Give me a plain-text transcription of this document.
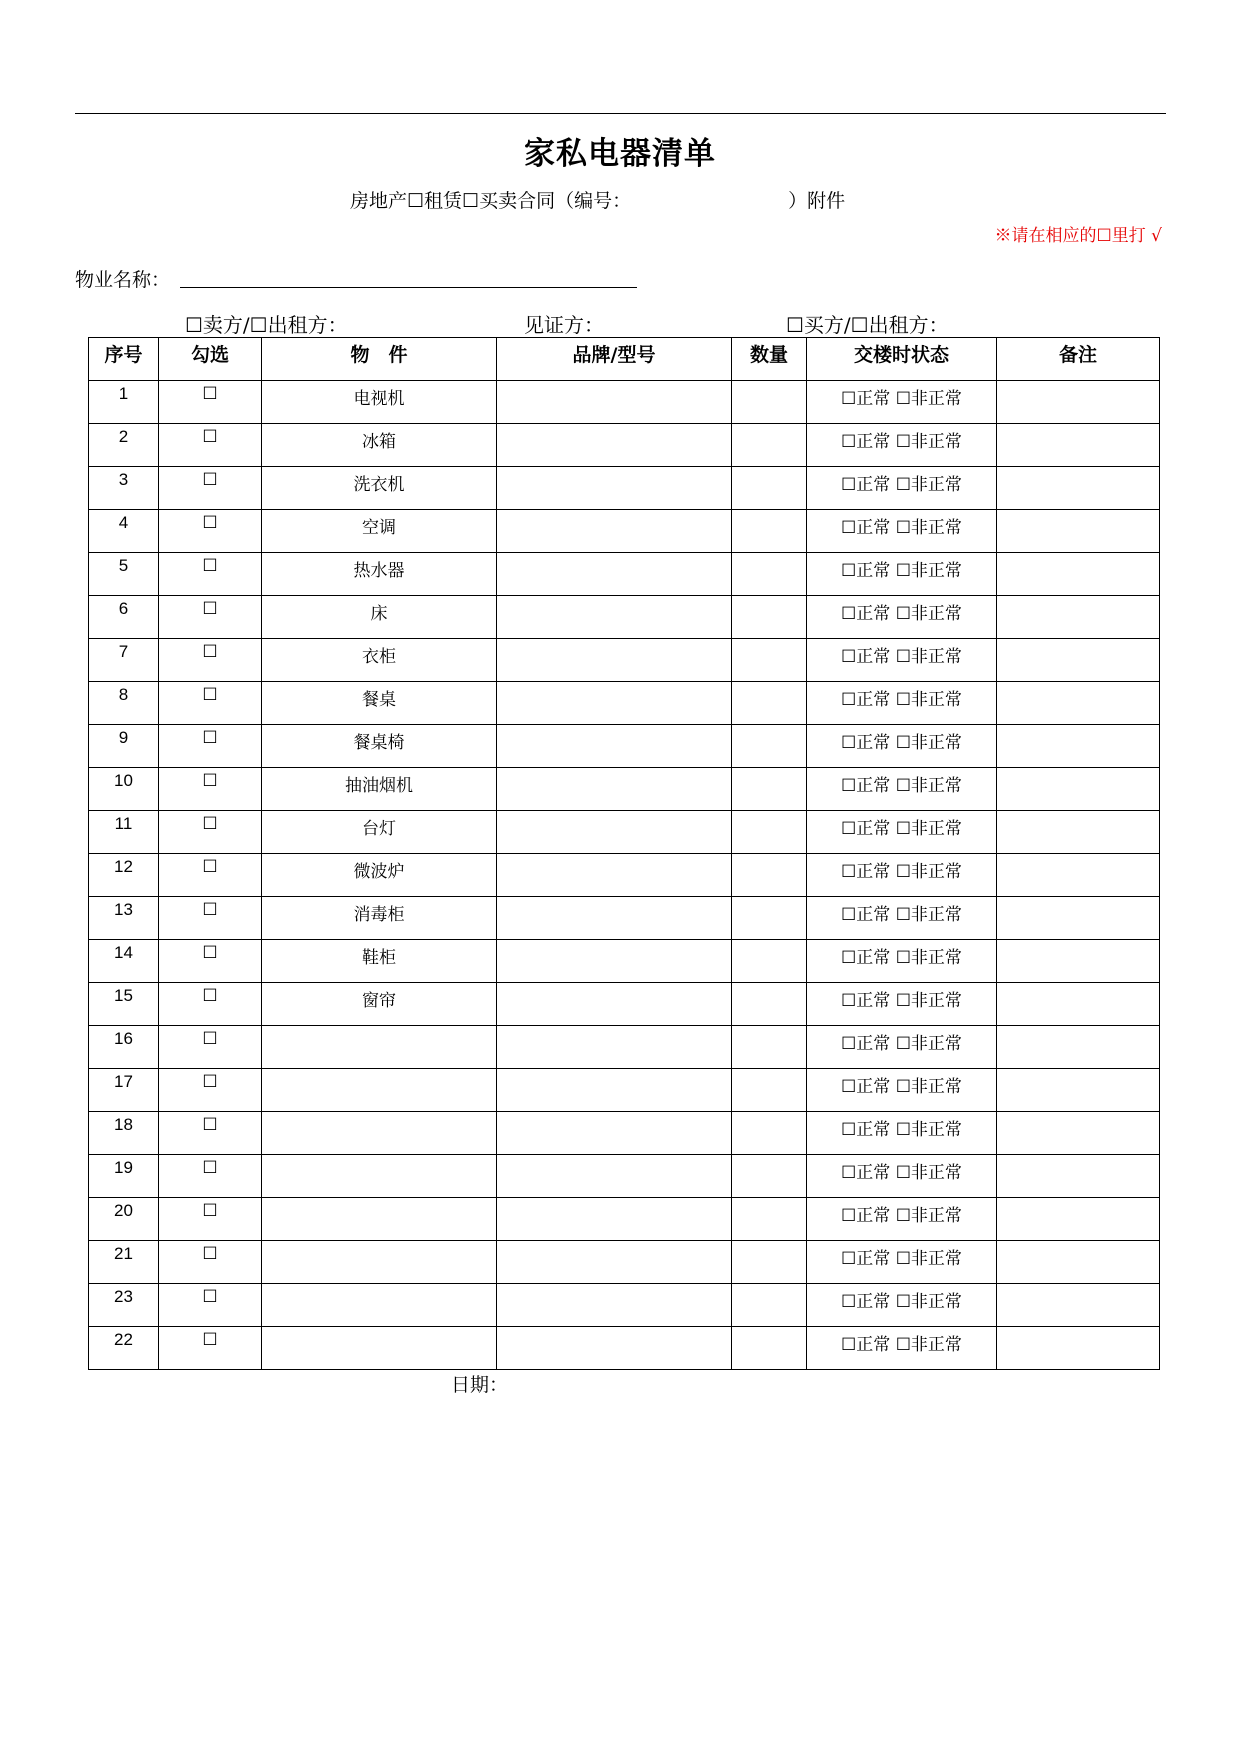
家私电器清单
房地产☐租赁☐买卖合同（编号：                          ）附件
※请在相应的☐里打 √
物业名称：
☐卖方/☐出租方：	见证方：	☐买方/☐出租方：
序号	勾选	物　件	品牌/型号	数量	交楼时状态	备注
1	☐	电视机			☐正常 ☐非正常	
2	☐	冰箱			☐正常 ☐非正常	
3	☐	洗衣机			☐正常 ☐非正常	
4	☐	空调			☐正常 ☐非正常	
5	☐	热水器			☐正常 ☐非正常	
6	☐	床			☐正常 ☐非正常	
7	☐	衣柜			☐正常 ☐非正常	
8	☐	餐桌			☐正常 ☐非正常	
9	☐	餐桌椅			☐正常 ☐非正常	
10	☐	抽油烟机			☐正常 ☐非正常	
11	☐	台灯			☐正常 ☐非正常	
12	☐	微波炉			☐正常 ☐非正常	
13	☐	消毒柜			☐正常 ☐非正常	
14	☐	鞋柜			☐正常 ☐非正常	
15	☐	窗帘			☐正常 ☐非正常	
16	☐				☐正常 ☐非正常	
17	☐				☐正常 ☐非正常	
18	☐				☐正常 ☐非正常	
19	☐				☐正常 ☐非正常	
20	☐				☐正常 ☐非正常	
21	☐				☐正常 ☐非正常	
23	☐				☐正常 ☐非正常	
22	☐				☐正常 ☐非正常	
日期：
